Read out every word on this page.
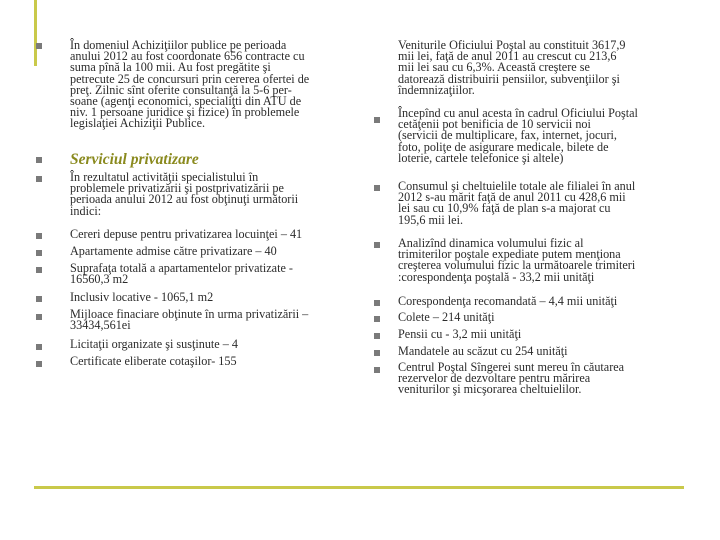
În domeniul Achiziţiilor publice pe perioada
anului 2012 au fost coordonate 656 contracte cu
suma pînă la 100 mii. Au fost pregătite şi
petrecute 25 de concursuri prin cererea ofertei de
preţ. Zilnic sînt oferite consultanţă la 5-6 per-
soane (agenţi economici, specialiţti din ATU de
niv. 1 persoane juridice şi fizice) în problemele
legislaţiei Achiziţii Publice.
Serviciul privatizare
În rezultatul activităţii specialistului în
problemele privatizării şi postprivatizării pe
perioada anului 2012 au fost obţinuţi următorii
indici:
Cereri depuse pentru privatizarea locuinţei – 41
Apartamente admise către privatizare – 40
Suprafaţa totală a apartamentelor privatizate -
16560,3 m2
Inclusiv locative - 1065,1 m2
Mijloace finaciare obţinute în urma privatizării –
33434,561ei
Licitaţii organizate şi susţinute – 4
Certificate eliberate cotaşilor- 155
Veniturile Oficiului Poştal au constituit 3617,9
mii lei, faţă de anul 2011 au crescut cu 213,6
mii lei sau cu 6,3%. Această creştere se
datorează distribuirii pensiilor, subvenţiilor şi
îndemnizaţiilor.
Începînd cu anul acesta în cadrul Oficiului Poştal
cetăţenii pot benificia de 10 servicii noi
(servicii de multiplicare, fax, internet, jocuri,
foto, poliţe de asigurare medicale, bilete de
loterie, cartele telefonice şi altele)
Consumul şi cheltuielile totale ale filialei în anul
2012 s-au mărit faţă de anul 2011 cu 428,6 mii
lei sau cu 10,9% faţă de plan s-a majorat cu
195,6 mii lei.
Analizînd dinamica volumului fizic al
trimiterilor poştale expediate putem menţiona
creşterea volumului fizic la următoarele trimiteri
:corespondenţa poştală - 33,2 mii unităţi
Corespondenţa recomandată – 4,4 mii unităţi
Colete – 214 unităţi
Pensii cu - 3,2 mii unităţi
Mandatele au scăzut cu 254 unităţi
Centrul Poştal Sîngerei sunt mereu în căutarea
rezervelor de dezvoltare pentru mărirea
veniturilor şi micşorarea cheltuielilor.
